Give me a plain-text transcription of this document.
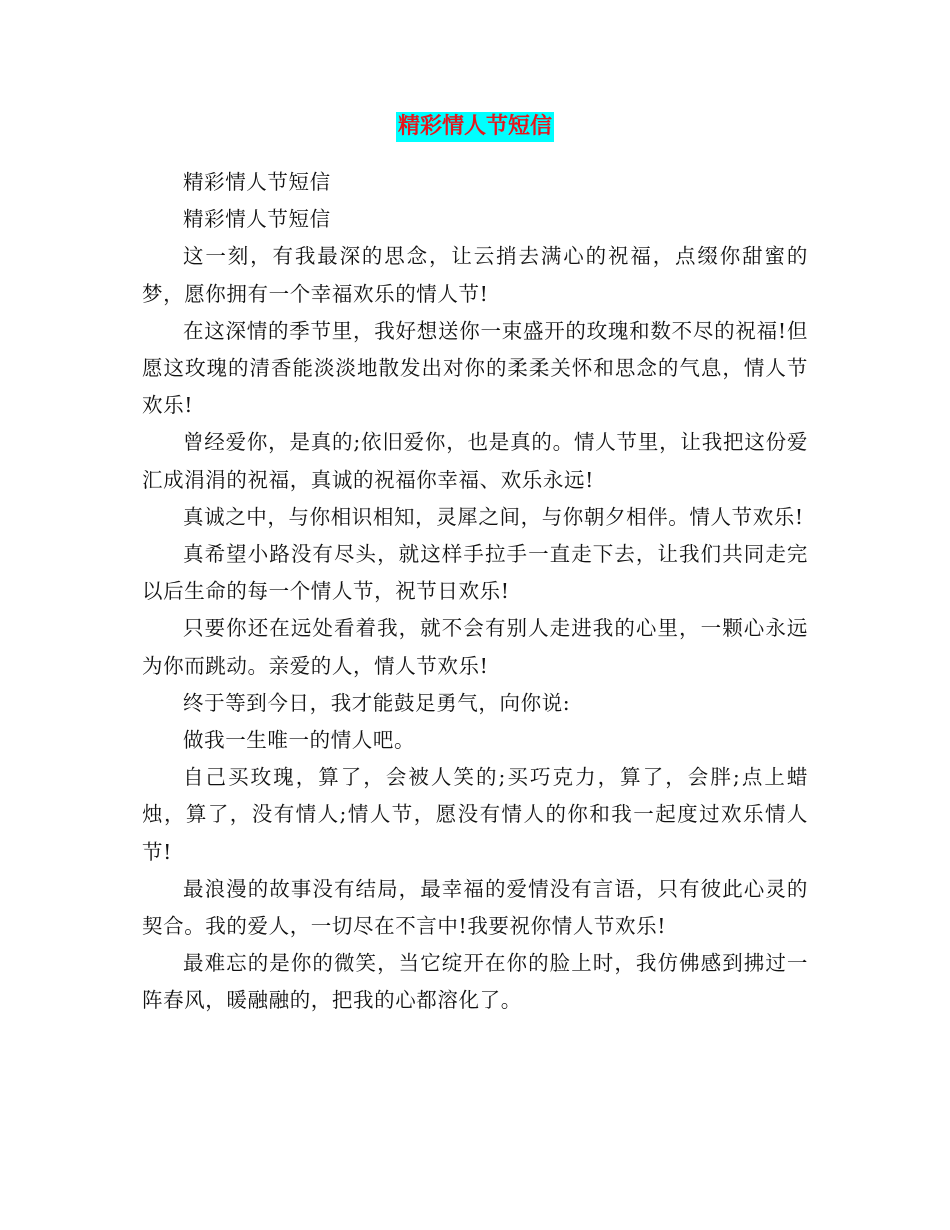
精彩情人节短信

精彩情人节短信

精彩情人节短信

这一刻，有我最深的思念，让云捎去满心的祝福，点缀你甜蜜的梦，愿你拥有一个幸福欢乐的情人节!

在这深情的季节里，我好想送你一束盛开的玫瑰和数不尽的祝福!但愿这玫瑰的清香能淡淡地散发出对你的柔柔关怀和思念的气息，情人节欢乐!

曾经爱你，是真的;依旧爱你，也是真的。情人节里，让我把这份爱汇成涓涓的祝福，真诚的祝福你幸福、欢乐永远!

真诚之中，与你相识相知，灵犀之间，与你朝夕相伴。情人节欢乐!

真希望小路没有尽头，就这样手拉手一直走下去，让我们共同走完以后生命的每一个情人节，祝节日欢乐!

只要你还在远处看着我，就不会有别人走进我的心里，一颗心永远为你而跳动。亲爱的人，情人节欢乐!

终于等到今日，我才能鼓足勇气，向你说:

做我一生唯一的情人吧。

自己买玫瑰，算了，会被人笑的;买巧克力，算了，会胖;点上蜡烛，算了，没有情人;情人节，愿没有情人的你和我一起度过欢乐情人节!

最浪漫的故事没有结局，最幸福的爱情没有言语，只有彼此心灵的契合。我的爱人，一切尽在不言中!我要祝你情人节欢乐!

最难忘的是你的微笑，当它绽开在你的脸上时，我仿佛感到拂过一阵春风，暖融融的，把我的心都溶化了。
